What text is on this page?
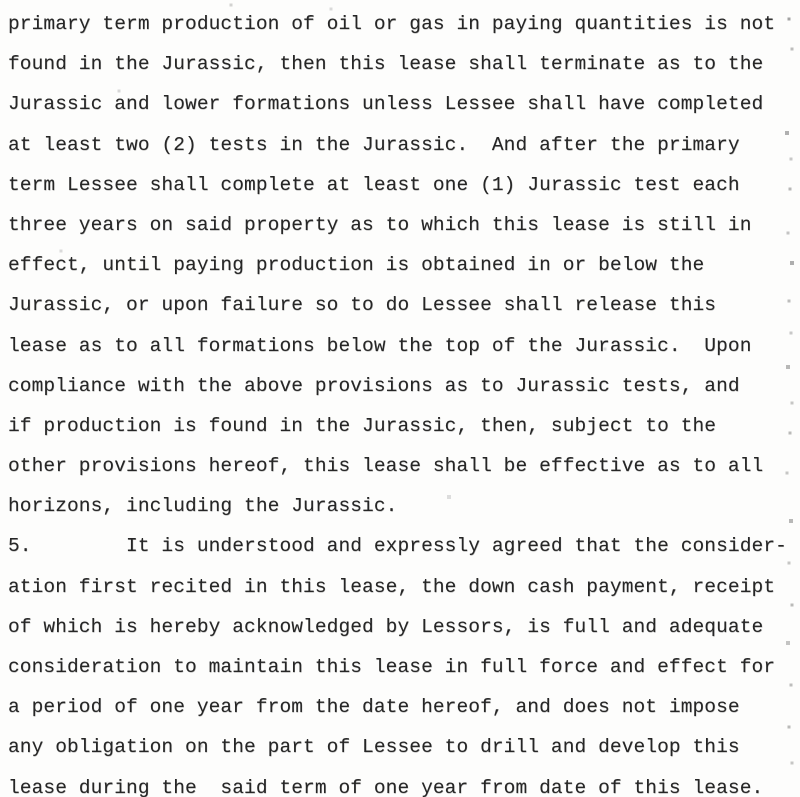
primary term production of oil or gas in paying quantities is not
found in the Jurassic, then this lease shall terminate as to the
Jurassic and lower formations unless Lessee shall have completed
at least two (2) tests in the Jurassic.  And after the primary
term Lessee shall complete at least one (1) Jurassic test each
three years on said property as to which this lease is still in
effect, until paying production is obtained in or below the
Jurassic, or upon failure so to do Lessee shall release this
lease as to all formations below the top of the Jurassic.  Upon
compliance with the above provisions as to Jurassic tests, and
if production is found in the Jurassic, then, subject to the
other provisions hereof, this lease shall be effective as to all
horizons, including the Jurassic.
5.        It is understood and expressly agreed that the consider-
ation first recited in this lease, the down cash payment, receipt
of which is hereby acknowledged by Lessors, is full and adequate
consideration to maintain this lease in full force and effect for
a period of one year from the date hereof, and does not impose
any obligation on the part of Lessee to drill and develop this
lease during the  said term of one year from date of this lease.
